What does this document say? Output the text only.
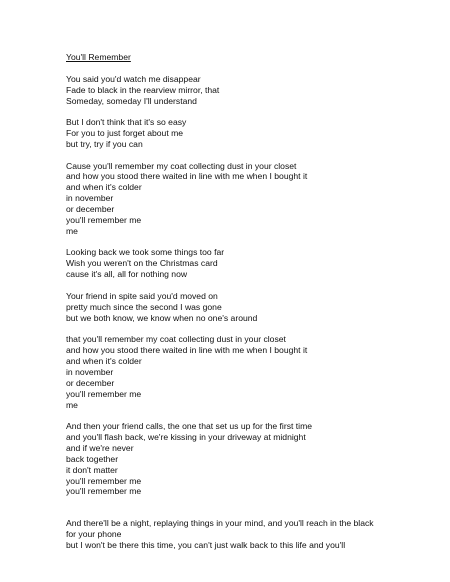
You'll Remember
You said you'd watch me disappear
Fade to black in the rearview mirror, that
Someday, someday I'll understand
But I don't think that it's so easy
For you to just forget about me
but try, try if you can
Cause you'll remember my coat collecting dust in your closet
and how you stood there waited in line with me when I bought it
and when it's colder
in november
or december
you'll remember me
me
Looking back we took some things too far
Wish you weren't on the Christmas card
cause it's all, all for nothing now
Your friend in spite said you'd moved on
pretty much since the second I was gone
but we both know, we know when no one's around
that you'll remember my coat collecting dust in your closet
and how you stood there waited in line with me when I bought it
and when it's colder
in november
or december
you'll remember me
me
And then your friend calls, the one that set us up for the first time
and you'll flash back, we're kissing in your driveway at midnight
and if we're never
back together
it don't matter
you'll remember me
you'll remember me
And there'll be a night, replaying things in your mind, and you'll reach in the black
for your phone
but I won't be there this time, you can't just walk back to this life and you'll
